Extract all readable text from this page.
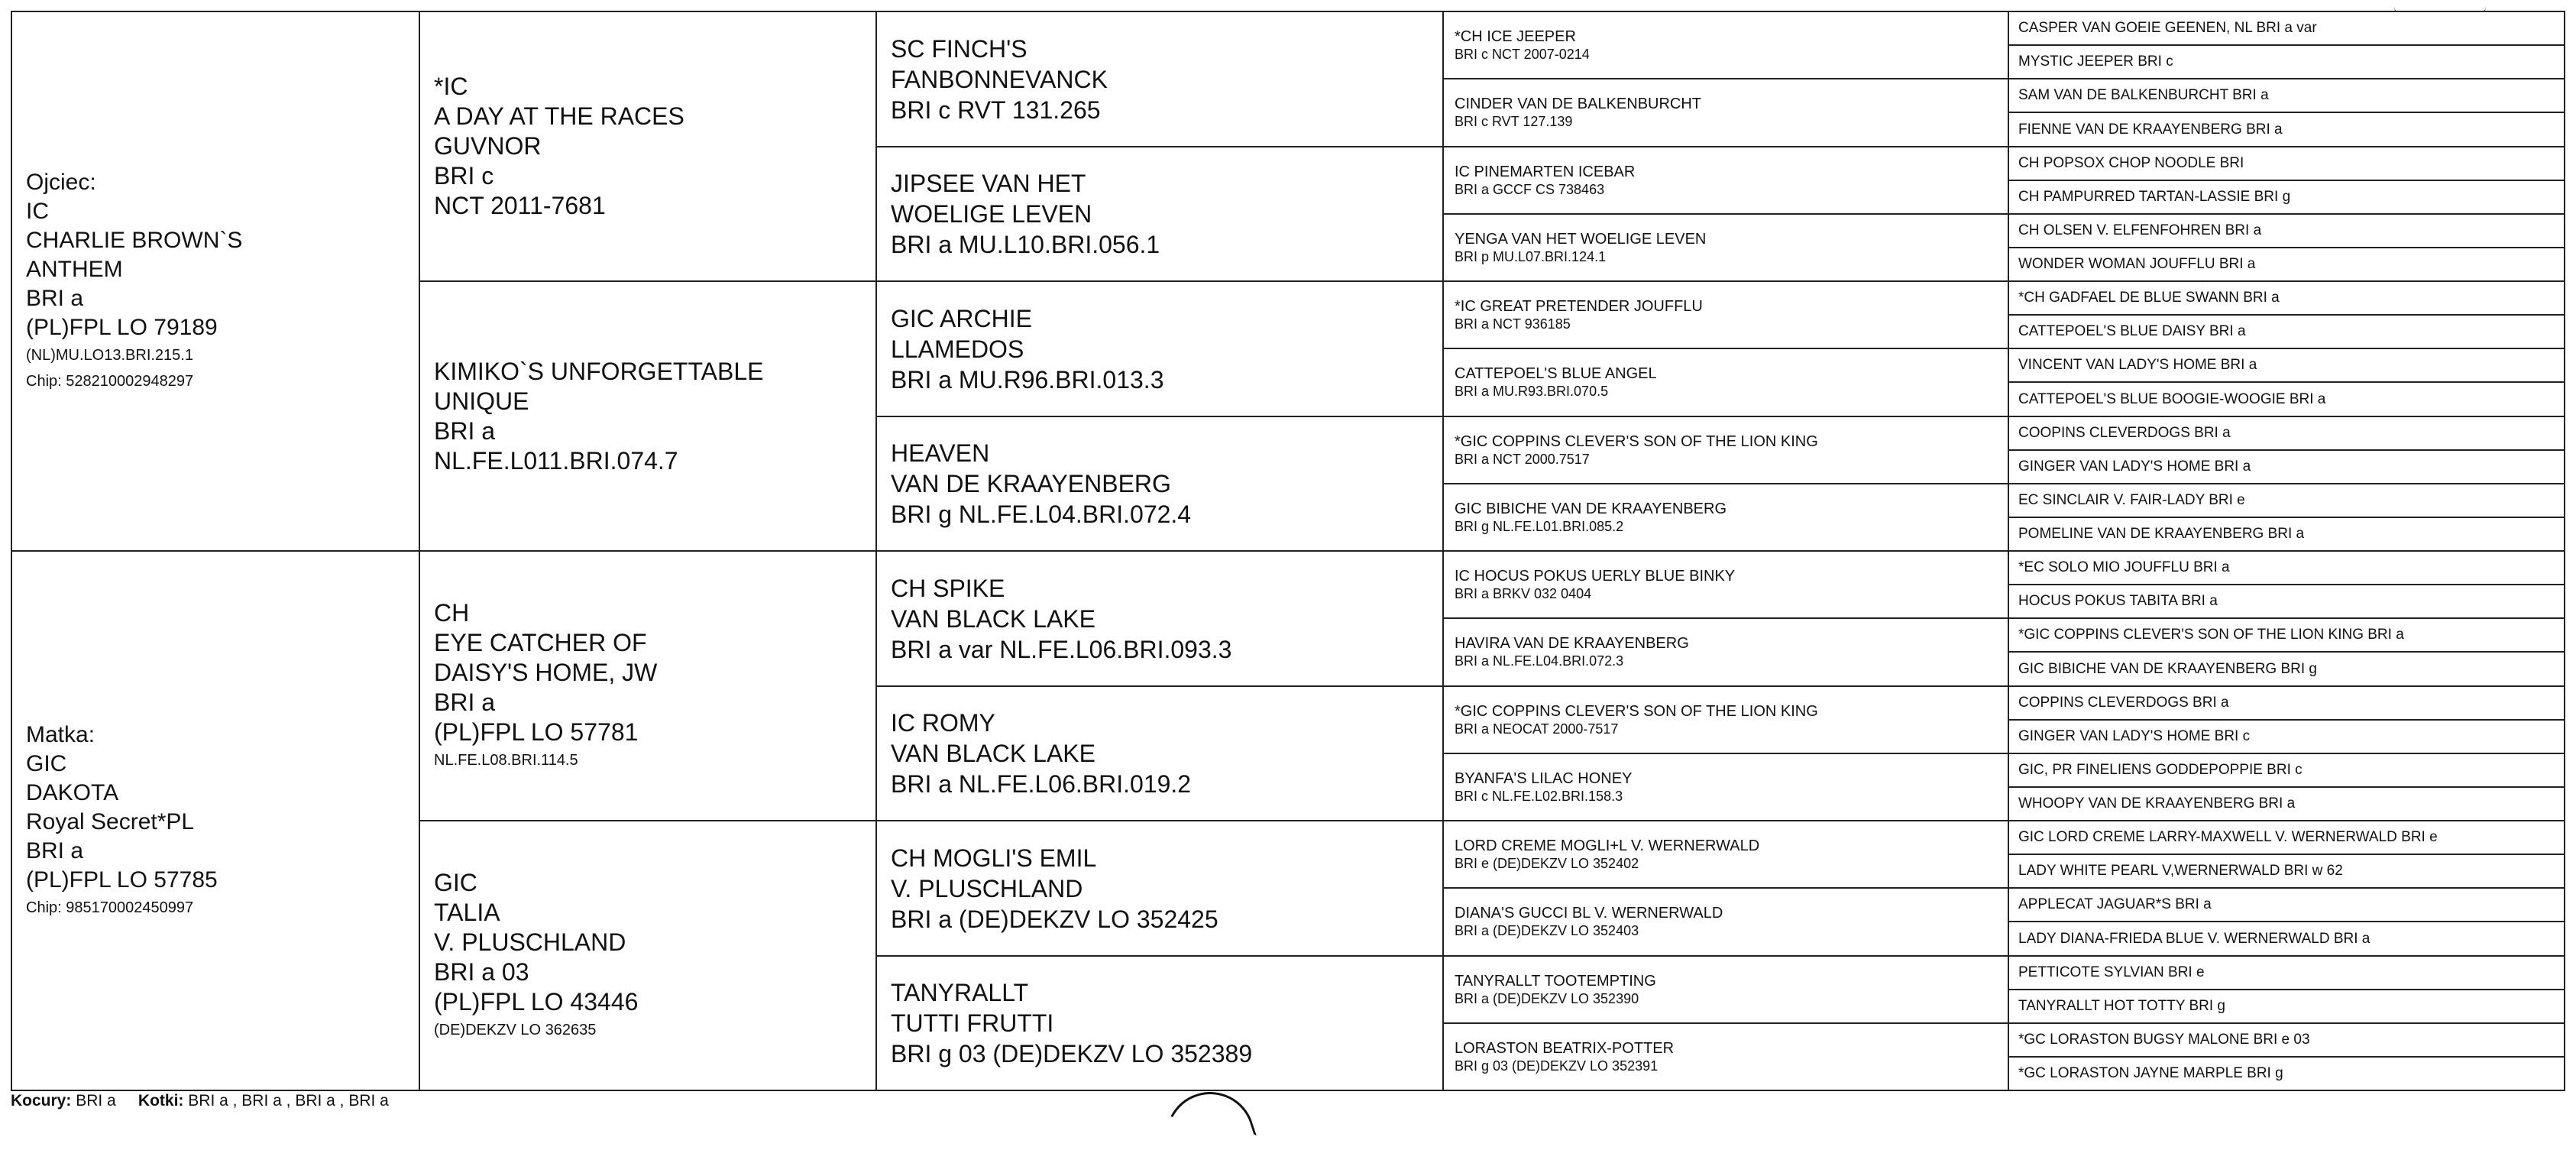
Ojciec:
IC
CHARLIE BROWN`S
ANTHEM
BRI a
(PL)FPL LO 79189
(NL)MU.LO13.BRI.215.1
Chip: 528210002948297
Matka:
GIC
DAKOTA
Royal Secret*PL
BRI a
(PL)FPL LO 57785
Chip: 985170002450997
*IC
A DAY AT THE RACES
GUVNOR
BRI c
NCT 2011-7681
KIMIKO`S UNFORGETTABLE
UNIQUE
BRI a
NL.FE.L011.BRI.074.7
CH
EYE CATCHER OF
DAISY'S HOME, JW
BRI a
(PL)FPL LO 57781
NL.FE.L08.BRI.114.5
GIC
TALIA
V. PLUSCHLAND
BRI a 03
(PL)FPL LO 43446
(DE)DEKZV LO 362635
SC FINCH'S
FANBONNEVANCK
BRI c RVT 131.265
JIPSEE VAN HET
WOELIGE LEVEN
BRI a MU.L10.BRI.056.1
GIC ARCHIE
LLAMEDOS
BRI a MU.R96.BRI.013.3
HEAVEN
VAN DE KRAAYENBERG
BRI g NL.FE.L04.BRI.072.4
CH SPIKE
VAN BLACK LAKE
BRI a var NL.FE.L06.BRI.093.3
IC ROMY
VAN BLACK LAKE
BRI a NL.FE.L06.BRI.019.2
CH MOGLI'S EMIL
V. PLUSCHLAND
BRI a (DE)DEKZV LO 352425
TANYRALLT
TUTTI FRUTTI
BRI g 03 (DE)DEKZV LO 352389
*CH ICE JEEPER
BRI c NCT 2007-0214
CINDER VAN DE BALKENBURCHT
BRI c RVT 127.139
IC PINEMARTEN ICEBAR
BRI a GCCF CS 738463
YENGA VAN HET WOELIGE LEVEN
BRI p MU.L07.BRI.124.1
*IC GREAT PRETENDER JOUFFLU
BRI a NCT 936185
CATTEPOEL'S BLUE ANGEL
BRI a MU.R93.BRI.070.5
*GIC COPPINS CLEVER'S SON OF THE LION KING
BRI a NCT 2000.7517
GIC BIBICHE VAN DE KRAAYENBERG
BRI g NL.FE.L01.BRI.085.2
IC HOCUS POKUS UERLY BLUE BINKY
BRI a BRKV 032 0404
HAVIRA VAN DE KRAAYENBERG
BRI a NL.FE.L04.BRI.072.3
*GIC COPPINS CLEVER'S SON OF THE LION KING
BRI a NEOCAT 2000-7517
BYANFA'S LILAC HONEY
BRI c NL.FE.L02.BRI.158.3
LORD CREME MOGLI+L V. WERNERWALD
BRI e (DE)DEKZV LO 352402
DIANA'S GUCCI BL V. WERNERWALD
BRI a (DE)DEKZV LO 352403
TANYRALLT TOOTEMPTING
BRI a (DE)DEKZV LO 352390
LORASTON BEATRIX-POTTER
BRI g 03 (DE)DEKZV LO 352391
CASPER VAN GOEIE GEENEN, NL BRI a var
MYSTIC JEEPER BRI c
SAM VAN DE BALKENBURCHT BRI a
FIENNE VAN DE KRAAYENBERG BRI a
CH POPSOX CHOP NOODLE BRI
CH PAMPURRED TARTAN-LASSIE BRI g
CH OLSEN V. ELFENFOHREN BRI a
WONDER WOMAN JOUFFLU BRI a
*CH GADFAEL DE BLUE SWANN BRI a
CATTEPOEL'S BLUE DAISY BRI a
VINCENT VAN LADY'S HOME BRI a
CATTEPOEL'S BLUE BOOGIE-WOOGIE BRI a
COOPINS CLEVERDOGS BRI a
GINGER VAN LADY'S HOME BRI a
EC SINCLAIR V. FAIR-LADY BRI e
POMELINE VAN DE KRAAYENBERG BRI a
*EC SOLO MIO JOUFFLU BRI a
HOCUS POKUS TABITA BRI a
*GIC COPPINS CLEVER'S SON OF THE LION KING BRI a
GIC BIBICHE VAN DE KRAAYENBERG BRI g
COPPINS CLEVERDOGS BRI a
GINGER VAN LADY'S HOME BRI c
GIC, PR FINELIENS GODDEPOPPIE BRI c
WHOOPY VAN DE KRAAYENBERG BRI a
GIC LORD CREME LARRY-MAXWELL V. WERNERWALD BRI e
LADY WHITE PEARL V,WERNERWALD BRI w 62
APPLECAT JAGUAR*S BRI a
LADY DIANA-FRIEDA BLUE V. WERNERWALD BRI a
PETTICOTE SYLVIAN BRI e
TANYRALLT HOT TOTTY BRI g
*GC LORASTON BUGSY MALONE BRI e 03
*GC LORASTON JAYNE MARPLE BRI g
Kocury: BRI a Kotki: BRI a , BRI a , BRI a , BRI a
